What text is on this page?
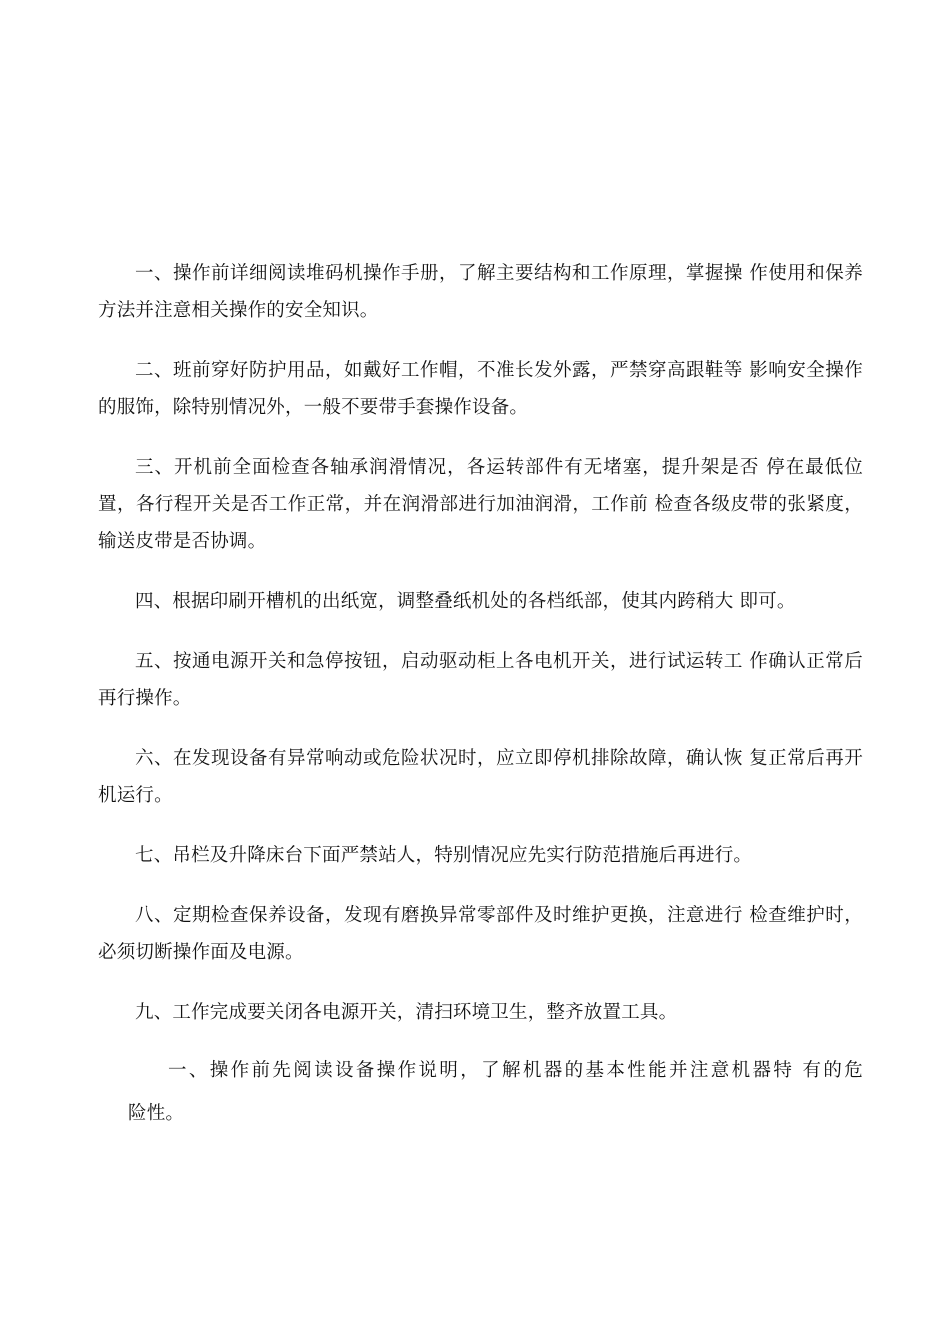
一、操作前详细阅读堆码机操作手册，了解主要结构和工作原理，掌握操 作使用和保养方法并注意相关操作的安全知识。

二、班前穿好防护用品，如戴好工作帽，不准长发外露，严禁穿高跟鞋等 影响安全操作的服饰，除特别情况外，一般不要带手套操作设备。

三、开机前全面检查各轴承润滑情况，各运转部件有无堵塞，提升架是否 停在最低位置，各行程开关是否工作正常，并在润滑部进行加油润滑，工作前 检查各级皮带的张紧度，输送皮带是否协调。

四、根据印刷开槽机的出纸宽，调整叠纸机处的各档纸部，使其内跨稍大 即可。

五、按通电源开关和急停按钮，启动驱动柜上各电机开关，进行试运转工 作确认正常后再行操作。

六、在发现设备有异常响动或危险状况时，应立即停机排除故障，确认恢 复正常后再开机运行。

七、吊栏及升降床台下面严禁站人，特别情况应先实行防范措施后再进行。

八、定期检查保养设备，发现有磨换异常零部件及时维护更换，注意进行 检查维护时，必须切断操作面及电源。

九、工作完成要关闭各电源开关，清扫环境卫生，整齐放置工具。

一、操作前先阅读设备操作说明，了解机器的基本性能并注意机器特 有的危
险性。
